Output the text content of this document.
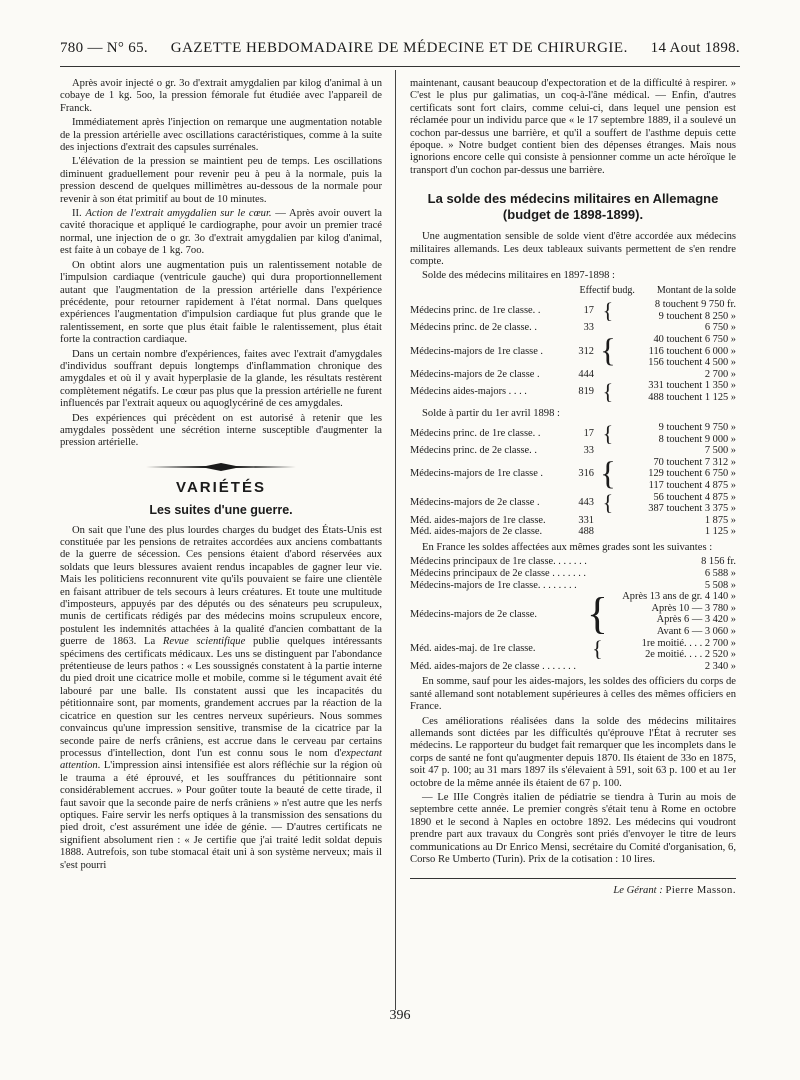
780 — N° 65. GAZETTE HEBDOMADAIRE DE MÉDECINE ET DE CHIRURGIE. 14 Aout 1898.

Après avoir injecté o gr. 3o d'extrait amygdalien par kilog d'animal à un cobaye de 1 kg. 5oo, la pression fémorale fut étudiée avec l'appareil de Franck.

Immédiatement après l'injection on remarque une augmentation notable de la pression artérielle avec oscillations caractéristiques, comme à la suite des injections d'extrait des capsules surrénales.

L'élévation de la pression se maintient peu de temps. Les oscillations diminuent graduellement pour revenir peu à peu à la normale, puis la pression descend de quelques millimètres au-dessous de la normale pour revenir à son état primitif au bout de 10 minutes.

II. Action de l'extrait amygdalien sur le cœur. — Après avoir ouvert la cavité thoracique et appliqué le cardiographe, pour avoir un premier tracé normal, une injection de o gr. 3o d'extrait amygdalien par kilog d'animal, est faite à un cobaye de 1 kg. 7oo.

On obtint alors une augmentation puis un ralentissement notable de l'impulsion cardiaque (ventricule gauche) qui dura proportionnellement autant que l'augmentation de la pression artérielle dans l'expérience précédente, pour retourner rapidement à l'état normal. Dans quelques expériences l'augmentation d'impulsion cardiaque fut plus grande que le ralentissement, en sorte que plus était faible le ralentissement, plus était forte la contraction cardiaque.

Dans un certain nombre d'expériences, faites avec l'extrait d'amygdales d'individus souffrant depuis longtemps d'inflammation chronique des amygdales et où il y avait hyperplasie de la glande, les résultats restèrent complètement négatifs. Le cœur pas plus que la pression artérielle ne furent influencés par l'extrait aqueux ou aquoglycériné de ces amygdales.

Des expériences qui précèdent on est autorisé à retenir que les amygdales possèdent une sécrétion interne susceptible d'augmenter la pression artérielle.

VARIÉTÉS
Les suites d'une guerre.

On sait que l'une des plus lourdes charges du budget des États-Unis est constituée par les pensions de retraites accordées aux anciens combattants de la guerre de sécession. Ces pensions étaient d'abord réservées aux soldats que leurs blessures avaient rendus incapables de gagner leur vie. Mais les politiciens reconnurent vite qu'ils pouvaient se faire une clientèle en faisant attribuer de tels secours à leurs créatures. Et toute une multitude d'imposteurs, appuyés par des députés ou des sénateurs peu scrupuleux, munis de certificats rédigés par des médecins moins scrupuleux encore, postulent les indemnités attachées à la qualité d'ancien combattant de la guerre de 1863. La Revue scientifique publie quelques intéressants spécimens des certificats médicaux. Les uns se distinguent par l'abondance prétentieuse de leurs pathos : « Les soussignés constatent à la partie interne du pied droit une cicatrice molle et mobile, comme si le tégument avait été labouré par une balle. Ils constatent aussi que les incapacités du pétitionnaire sont, par moments, grandement accrues par la réaction de la cicatrice en question sur les centres nerveux supérieurs. Nous sommes convaincus qu'une impression sensitive, transmise de la cicatrice par la seconde paire de nerfs crâniens, est accrue dans le cerveau par certains processus d'intellection, dont l'un est connu sous le nom d'expectant attention. L'impression ainsi intensifiée est alors réfléchie sur la région où le trauma a été éprouvé, et les souffrances du pétitionnaire sont considérablement accrues. » Pour goûter toute la beauté de cette tirade, il faut savoir que la seconde paire de nerfs crâniens » n'est autre que les nerfs optiques. Faire servir les nerfs optiques à la transmission des sensations du pied droit, c'est assurément une idée de génie. — D'autres certificats ne signifient absolument rien : « Je certifie que j'ai traité ledit soldat depuis 1888. Autrefois, son tube stomacal était uni à son système nerveux; mais il s'est pourri

maintenant, causant beaucoup d'expectoration et de la difficulté à respirer. » C'est le plus pur galimatias, un coq-à-l'âne médical. — Enfin, d'autres certificats sont fort clairs, comme celui-ci, dans lequel une pension est réclamée pour un individu parce que « le 17 septembre 1889, il a soulevé un cochon par-dessus une barrière, et qu'il a souffert de l'asthme depuis cette époque. » Notre budget contient bien des dépenses étranges. Mais nous ignorions encore celle qui consiste à pensionner comme un acte héroïque le transport d'un cochon par-dessus une barrière.

La solde des médecins militaires en Allemagne
(budget de 1898-1899).

Une augmentation sensible de solde vient d'être accordée aux médecins militaires allemands. Les deux tableaux suivants permettent de s'en rendre compte.

Solde des médecins militaires en 1897-1898 :

Effectif budg. Montant de la solde
Médecins princ. de 1re classe. .	17	{	8 touchent 9 750 fr.
			9 touchent 8 250 »
Médecins princ. de 2e classe. .	33		6 750 »
Médecins-majors de 1re classe .	312	{	40 touchent 6 750 »
			116 touchent 6 000 »
			156 touchent 4 500 »
Médecins-majors de 2e classe .	444		2 700 »
Médecins aides-majors . . . .	819	{	331 touchent 1 350 »
			488 touchent 1 125 »

Solde à partir du 1er avril 1898 :

Médecins princ. de 1re classe. .	17	{	9 touchent 9 750 »
			8 touchent 9 000 »
Médecins princ. de 2e classe. .	33		7 500 »
Médecins-majors de 1re classe .	316	{	70 touchent 7 312 »
			129 touchent 6 750 »
			117 touchent 4 875 »
Médecins-majors de 2e classe .	443	{	56 touchent 4 875 »
			387 touchent 3 375 »
Méd. aides-majors de 1re classe.	331		1 875 »
Méd. aides-majors de 2e classe.	488		1 125 »

En France les soldes affectées aux mêmes grades sont les suivantes :

Médecins principaux de 1re classe. . . . . . .		8 156 fr.
Médecins principaux de 2e classe . . . . . . .		6 588 »
Médecins-majors de 1re classe. . . . . . . .		5 508 »
Médecins-majors de 2e classe.	{	Après 13 ans de gr. 4 140 »
		Après 10 — 3 780 »
		Après 6 — 3 420 »
		Avant 6 — 3 060 »
Méd. aides-maj. de 1re classe.	{	1re moitié. . . . 2 700 »
		2e moitié. . . . 2 520 »
Méd. aides-majors de 2e classe . . . . . . .		2 340 »

En somme, sauf pour les aides-majors, les soldes des officiers du corps de santé allemand sont notablement supérieures à celles des mêmes officiers en France.

Ces améliorations réalisées dans la solde des médecins militaires allemands sont dictées par les difficultés qu'éprouve l'État à recruter ses médecins. Le rapporteur du budget fait remarquer que les incomplets dans le corps de santé ne font qu'augmenter depuis 1870. Ils étaient de 33o en 1875, soit 47 p. 100; au 31 mars 1897 ils s'élevaient à 591, soit 63 p. 100 et au 1er octobre de la même année ils étaient de 67 p. 100.

— Le IIIe Congrès italien de pédiatrie se tiendra à Turin au mois de septembre cette année. Le premier congrès s'était tenu à Rome en octobre 1890 et le second à Naples en octobre 1892. Les médecins qui voudront prendre part aux travaux du Congrès sont priés d'envoyer le titre de leurs communications au Dr Enrico Mensi, secrétaire du Comité d'organisation, 6, Corso Re Umberto (Turin). Prix de la cotisation : 10 lires.

Le Gérant : Pierre Masson.
396
